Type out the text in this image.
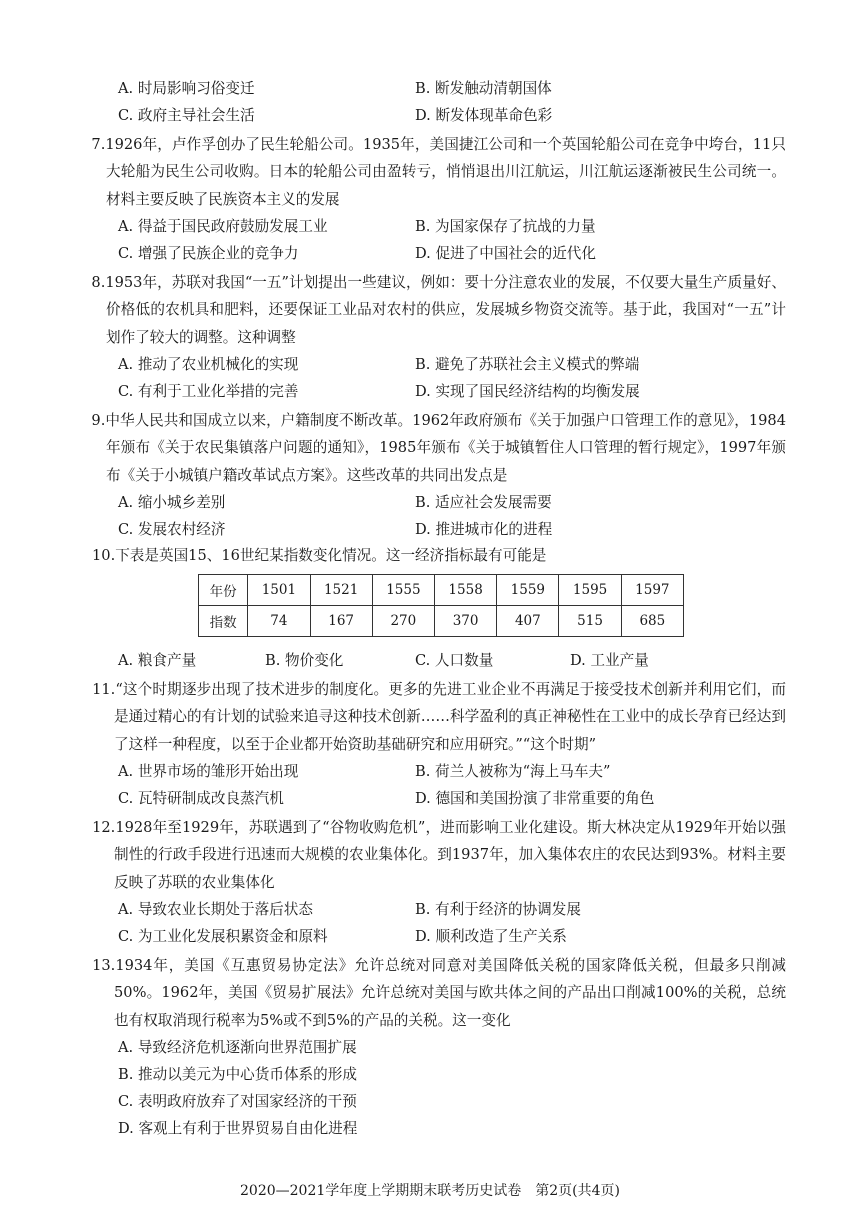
A. 时局影响习俗变迁	B. 断发触动清朝国体
C. 政府主导社会生活	D. 断发体现革命色彩
7.1926年，卢作孚创办了民生轮船公司。1935年，美国捷江公司和一个英国轮船公司在竞争中垮台，11只大轮船为民生公司收购。日本的轮船公司由盈转亏，悄悄退出川江航运，川江航运逐渐被民生公司统一。材料主要反映了民族资本主义的发展
A. 得益于国民政府鼓励发展工业	B. 为国家保存了抗战的力量
C. 增强了民族企业的竞争力	D. 促进了中国社会的近代化
8.1953年，苏联对我国“一五”计划提出一些建议，例如：要十分注意农业的发展，不仅要大量生产质量好、价格低的农机具和肥料，还要保证工业品对农村的供应，发展城乡物资交流等。基于此，我国对“一五”计划作了较大的调整。这种调整
A. 推动了农业机械化的实现	B. 避免了苏联社会主义模式的弊端
C. 有利于工业化举措的完善	D. 实现了国民经济结构的均衡发展
9.中华人民共和国成立以来，户籍制度不断改革。1962年政府颁布《关于加强户口管理工作的意见》，1984年颁布《关于农民集镇落户问题的通知》，1985年颁布《关于城镇暂住人口管理的暂行规定》，1997年颁布《关于小城镇户籍改革试点方案》。这些改革的共同出发点是
A. 缩小城乡差别	B. 适应社会发展需要
C. 发展农村经济	D. 推进城市化的进程
10.下表是英国15、16世纪某指数变化情况。这一经济指标最有可能是
年份	1501	1521	1555	1558	1559	1595	1597
指数	74	167	270	370	407	515	685
A. 粮食产量	B. 物价变化	C. 人口数量	D. 工业产量
11.“这个时期逐步出现了技术进步的制度化。更多的先进工业企业不再满足于接受技术创新并利用它们，而是通过精心的有计划的试验来追寻这种技术创新……科学盈利的真正神秘性在工业中的成长孕育已经达到了这样一种程度，以至于企业都开始资助基础研究和应用研究。”“这个时期”
A. 世界市场的雏形开始出现	B. 荷兰人被称为“海上马车夫”
C. 瓦特研制成改良蒸汽机	D. 德国和美国扮演了非常重要的角色
12.1928年至1929年，苏联遇到了“谷物收购危机”，进而影响工业化建设。斯大林决定从1929年开始以强制性的行政手段进行迅速而大规模的农业集体化。到1937年，加入集体农庄的农民达到93%。材料主要反映了苏联的农业集体化
A. 导致农业长期处于落后状态	B. 有利于经济的协调发展
C. 为工业化发展积累资金和原料	D. 顺利改造了生产关系
13.1934年，美国《互惠贸易协定法》允许总统对同意对美国降低关税的国家降低关税，但最多只削减50%。1962年，美国《贸易扩展法》允许总统对美国与欧共体之间的产品出口削减100%的关税，总统也有权取消现行税率为5%或不到5%的产品的关税。这一变化
A. 导致经济危机逐渐向世界范围扩展
B. 推动以美元为中心货币体系的形成
C. 表明政府放弃了对国家经济的干预
D. 客观上有利于世界贸易自由化进程
2020—2021学年度上学期期末联考历史试卷　第2页(共4页)
